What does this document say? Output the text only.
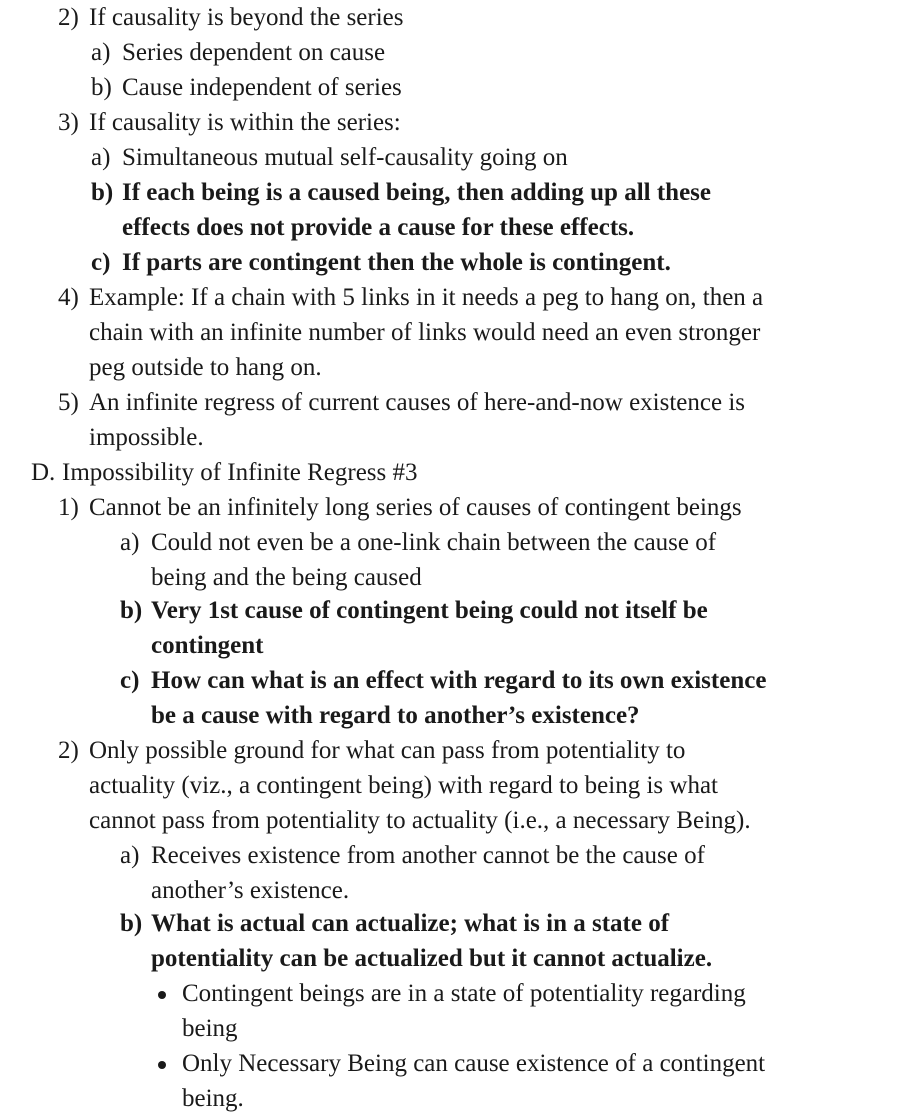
2) If causality is beyond the series
a) Series dependent on cause
b) Cause independent of series
3) If causality is within the series:
a) Simultaneous mutual self-causality going on
b) If each being is a caused being, then adding up all these
effects does not provide a cause for these effects.
c) If parts are contingent then the whole is contingent.
4) Example: If a chain with 5 links in it needs a peg to hang on, then a
chain with an infinite number of links would need an even stronger
peg outside to hang on.
5) An infinite regress of current causes of here-and-now existence is
impossible.
D. Impossibility of Infinite Regress #3
1) Cannot be an infinitely long series of causes of contingent beings
a) Could not even be a one-link chain between the cause of
being and the being caused
b) Very 1st cause of contingent being could not itself be
contingent
c) How can what is an effect with regard to its own existence
be a cause with regard to another’s existence?
2) Only possible ground for what can pass from potentiality to
actuality (viz., a contingent being) with regard to being is what
cannot pass from potentiality to actuality (i.e., a necessary Being).
a) Receives existence from another cannot be the cause of
another’s existence.
b) What is actual can actualize; what is in a state of
potentiality can be actualized but it cannot actualize.
Contingent beings are in a state of potentiality regarding
being
Only Necessary Being can cause existence of a contingent
being.
